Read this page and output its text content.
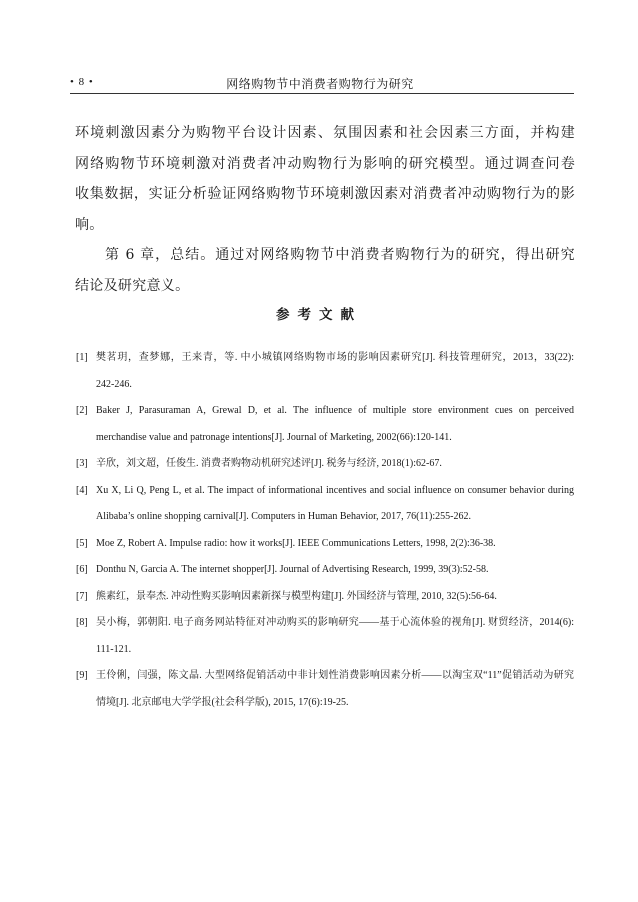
• 8 •	网络购物节中消费者购物行为研究

环境刺激因素分为购物平台设计因素、氛围因素和社会因素三方面，并构建

网络购物节环境刺激对消费者冲动购物行为影响的研究模型。通过调查问卷

收集数据，实证分析验证网络购物节环境刺激因素对消费者冲动购物行为的影响。

第 6 章，总结。通过对网络购物节中消费者购物行为的研究，得出研究

结论及研究意义。

参考文献
[1] 樊茗玥，查梦娜，王来青，等. 中小城镇网络购物市场的影响因素研究[J]. 科技管理研究，2013，33(22):
242-246.
[2] Baker J, Parasuraman A, Grewal D, et al. The influence of multiple store environment cues on perceived
merchandise value and patronage intentions[J]. Journal of Marketing, 2002(66):120-141.
[3] 辛欣，刘文超，任俊生. 消费者购物动机研究述评[J]. 税务与经济, 2018(1):62-67.
[4] Xu X, Li Q, Peng L, et al. The impact of informational incentives and social influence on consumer behavior during
Alibaba’s online shopping carnival[J]. Computers in Human Behavior, 2017, 76(11):255-262.
[5] Moe Z, Robert A. Impulse radio: how it works[J]. IEEE Communications Letters, 1998, 2(2):36-38.
[6] Donthu N, Garcia A. The internet shopper[J]. Journal of Advertising Research, 1999, 39(3):52-58.
[7] 熊素红，景奉杰. 冲动性购买影响因素新探与模型构建[J]. 外国经济与管理, 2010, 32(5):56-64.
[8] 吴小梅，郭朝阳. 电子商务网站特征对冲动购买的影响研究——基于心流体验的视角[J]. 财贸经济，2014(6):
111-121.
[9] 王伶俐，闫强，陈文晶. 大型网络促销活动中非计划性消费影响因素分析——以淘宝双“11”促销活动为研究
情境[J]. 北京邮电大学学报(社会科学版), 2015, 17(6):19-25.
